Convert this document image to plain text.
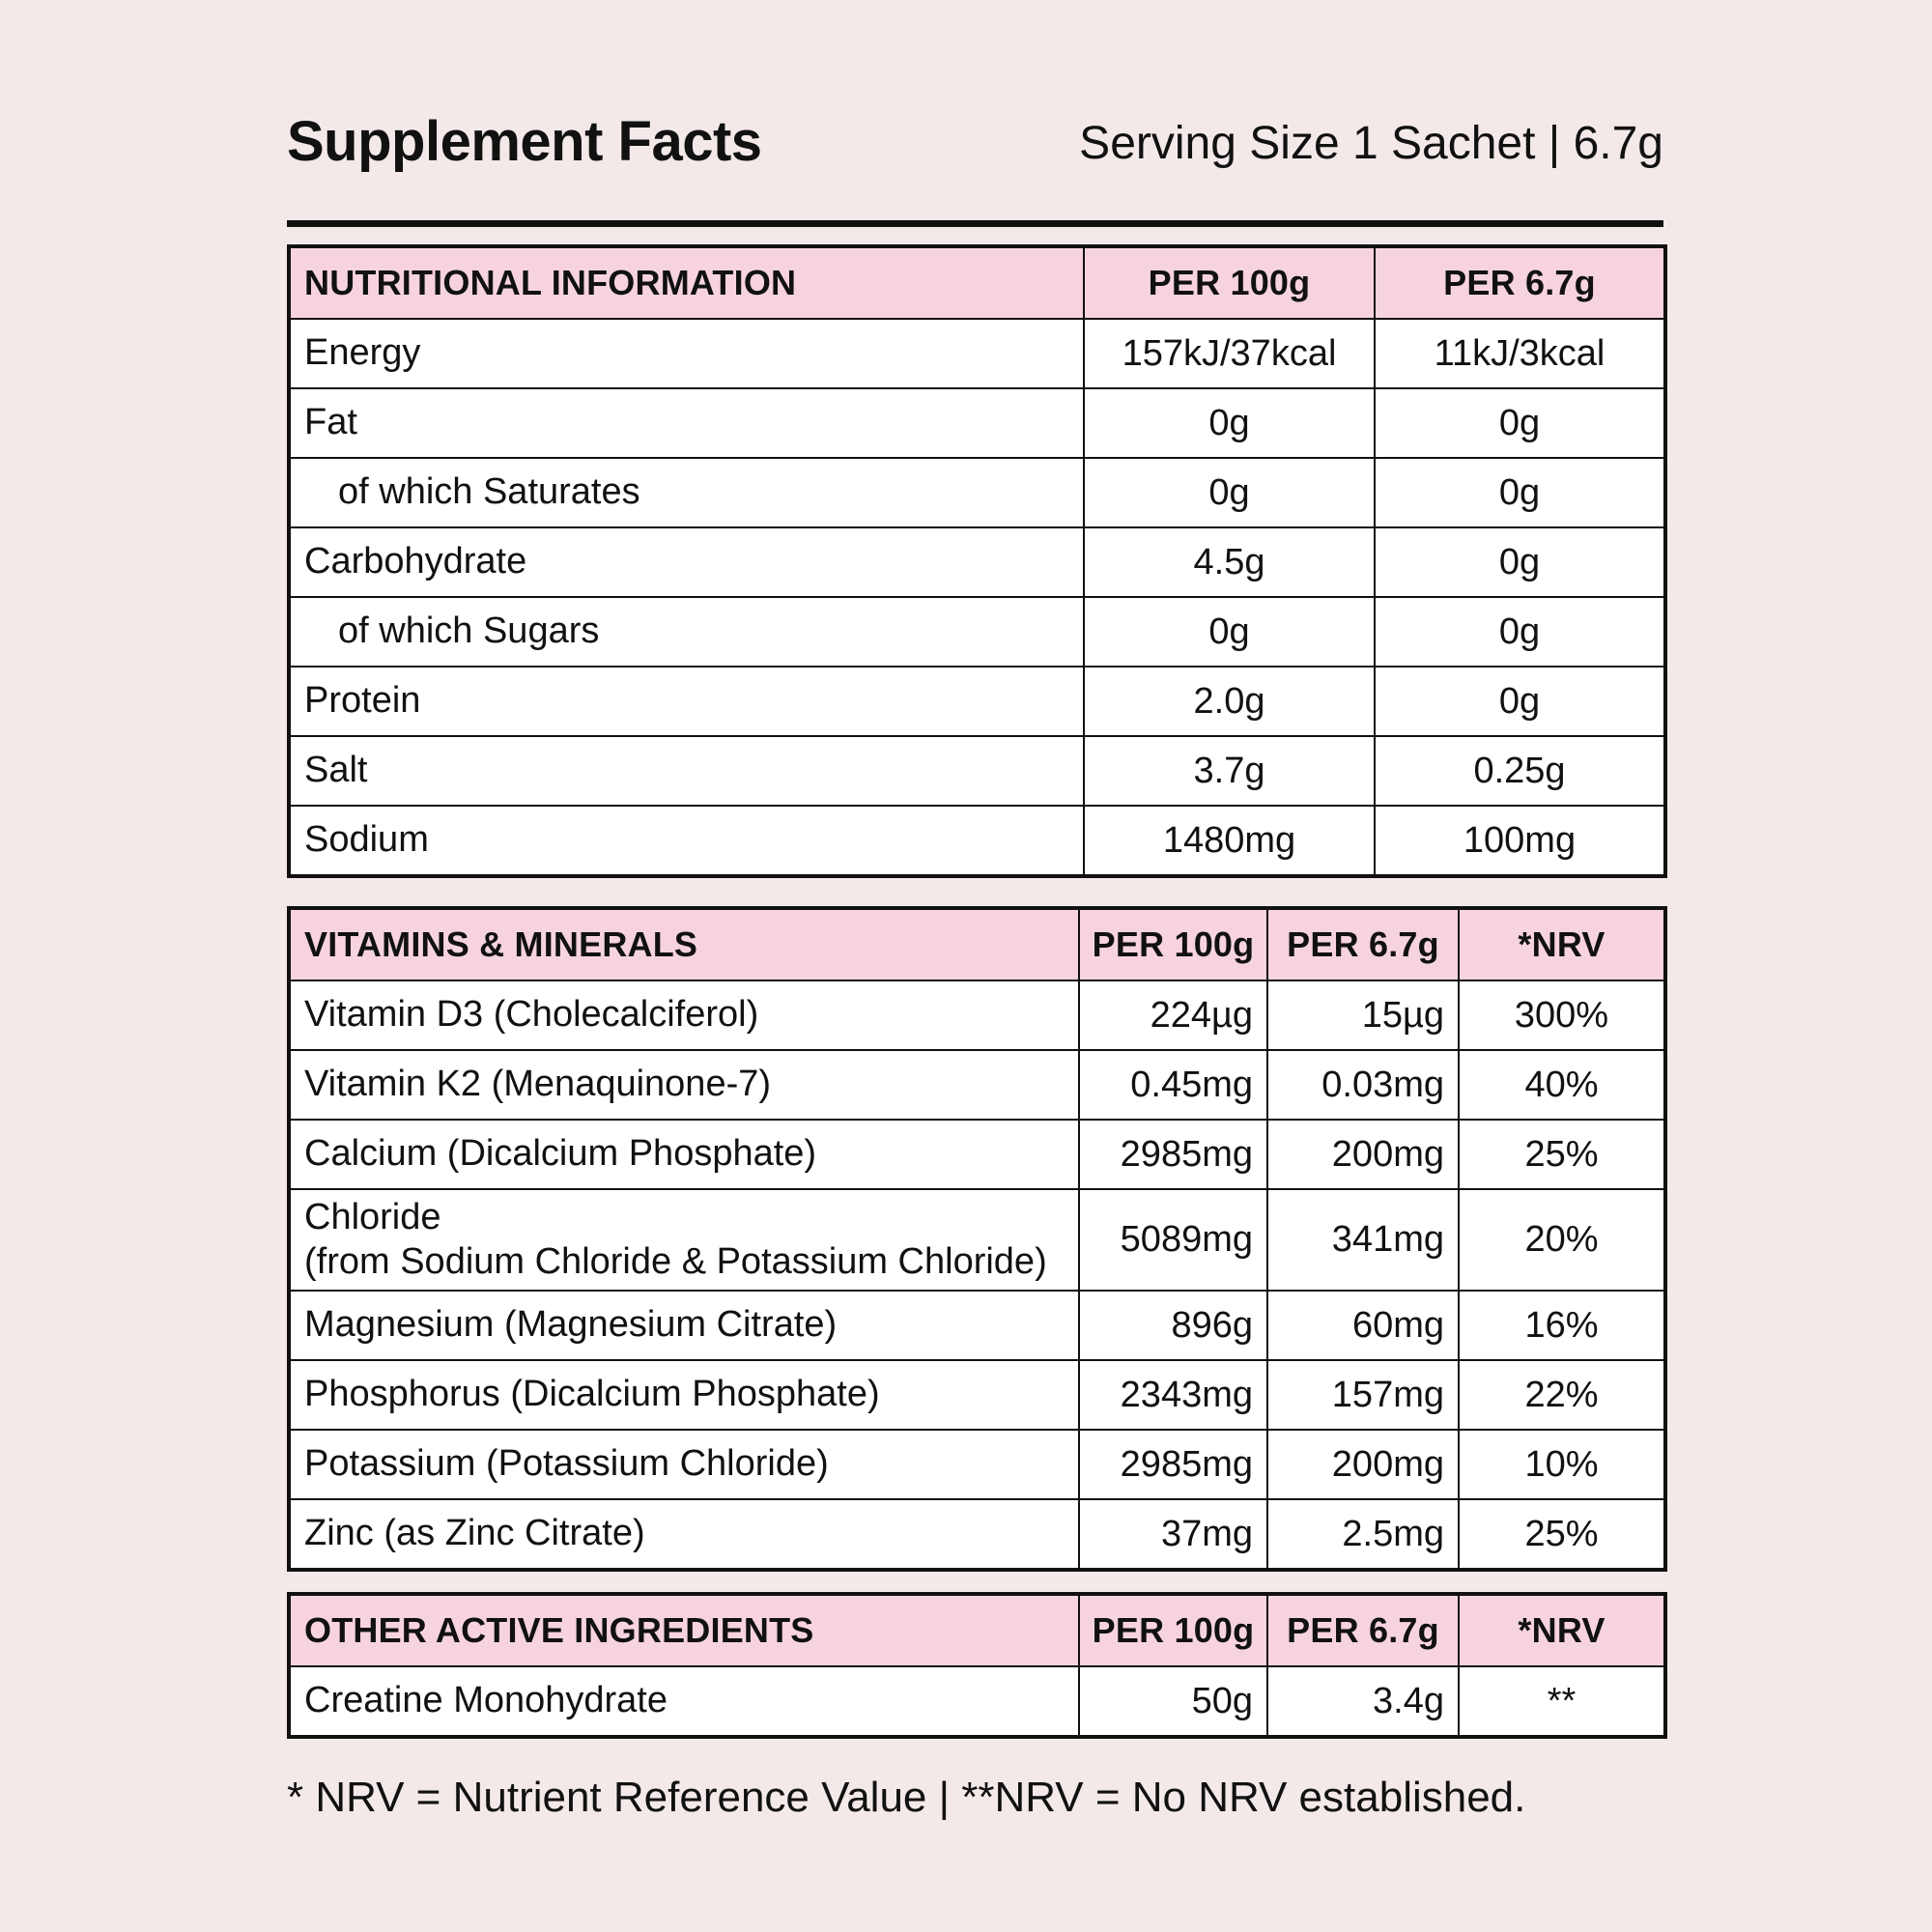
Supplement Facts	Serving Size 1 Sachet | 6.7g
NUTRITIONAL INFORMATION	PER 100g	PER 6.7g
Energy	157kJ/37kcal	11kJ/3kcal
Fat	0g	0g
of which Saturates	0g	0g
Carbohydrate	4.5g	0g
of which Sugars	0g	0g
Protein	2.0g	0g
Salt	3.7g	0.25g
Sodium	1480mg	100mg
VITAMINS & MINERALS	PER 100g	PER 6.7g	*NRV
Vitamin D3 (Cholecalciferol)	224µg	15µg	300%
Vitamin K2 (Menaquinone-7)	0.45mg	0.03mg	40%
Calcium (Dicalcium Phosphate)	2985mg	200mg	25%
Chloride
(from Sodium Chloride & Potassium Chloride)	5089mg	341mg	20%
Magnesium (Magnesium Citrate)	896g	60mg	16%
Phosphorus (Dicalcium Phosphate)	2343mg	157mg	22%
Potassium (Potassium Chloride)	2985mg	200mg	10%
Zinc (as Zinc Citrate)	37mg	2.5mg	25%
OTHER ACTIVE INGREDIENTS	PER 100g	PER 6.7g	*NRV
Creatine Monohydrate	50g	3.4g	**
* NRV = Nutrient Reference Value | **NRV = No NRV established.
